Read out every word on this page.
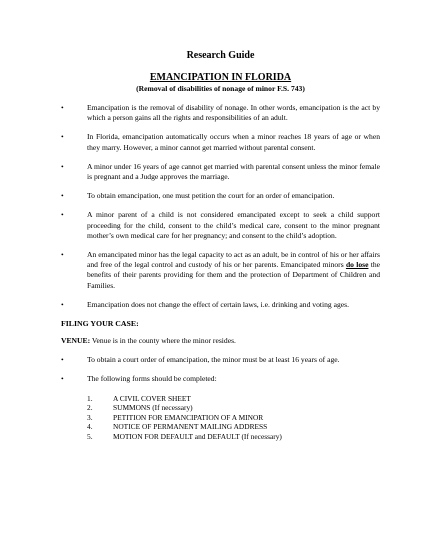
Research Guide
EMANCIPATION IN FLORIDA
(Removal of disabilities of nonage of minor F.S. 743)
•	Emancipation is the removal of disability of nonage. In other words, emancipation is the act by which a person gains all the rights and responsibilities of an adult.
•	In Florida, emancipation automatically occurs when a minor reaches 18 years of age or when they marry. However, a minor cannot get married without parental consent.
•	A minor under 16 years of age cannot get married with parental consent unless the minor female is pregnant and a Judge approves the marriage.
•	To obtain emancipation, one must petition the court for an order of emancipation.
•	A minor parent of a child is not considered emancipated except to seek a child support proceeding for the child, consent to the child’s medical care, consent to the minor pregnant mother’s own medical care for her pregnancy; and consent to the child’s adoption.
•	An emancipated minor has the legal capacity to act as an adult, be in control of his or her affairs and free of the legal control and custody of his or her parents. Emancipated minors do lose the benefits of their parents providing for them and the protection of Department of Children and Families.
•	Emancipation does not change the effect of certain laws, i.e. drinking and voting ages.
FILING YOUR CASE:
VENUE: Venue is in the county where the minor resides.
•	To obtain a court order of emancipation, the minor must be at least 16 years of age.
•	The following forms should be completed:
1.	A CIVIL COVER SHEET
2.	SUMMONS (If necessary)
3.	PETITION FOR EMANCIPATION OF A MINOR
4.	NOTICE OF PERMANENT MAILING ADDRESS
5.	MOTION FOR DEFAULT and DEFAULT (If necessary)
